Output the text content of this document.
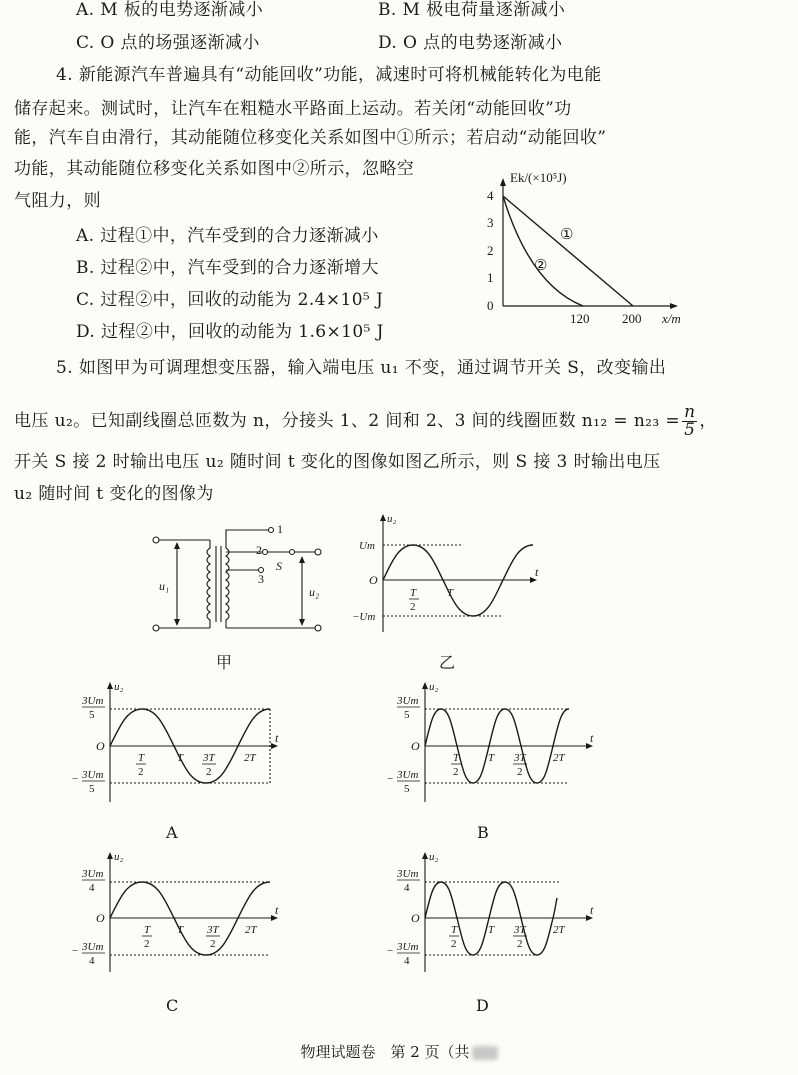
A. M 板的电势逐渐减小	B. M 极电荷量逐渐减小
C. O 点的场强逐渐减小	D. O 点的电势逐渐减小
4. 新能源汽车普遍具有“动能回收”功能，减速时可将机械能转化为电能
储存起来。测试时，让汽车在粗糙水平路面上运动。若关闭“动能回收”功
能，汽车自由滑行，其动能随位移变化关系如图中①所示；若启动“动能回收”
功能，其动能随位移变化关系如图中②所示，忽略空
气阻力，则
A. 过程①中，汽车受到的合力逐渐减小
B. 过程②中，汽车受到的合力逐渐增大
C. 过程②中，回收的动能为 2.4×10⁵ J
D. 过程②中，回收的动能为 1.6×10⁵ J
Ek/(×10⁵J)
x/m
4
3
2
1
0
120	200
①
②
5. 如图甲为可调理想变压器，输入端电压 u₁ 不变，通过调节开关 S，改变输出
电压 u₂。已知副线圈总匝数为 n，分接头 1、2 间和 2、3 间的线圈匝数 $n_{12} = n_{23} = \frac{n}{5}$ ，
开关 S 接 2 时输出电压 u₂ 随时间 t 变化的图像如图乙所示，则 S 接 3 时输出电压
u₂ 随时间 t 变化的图像为
u₁	u₂
1
2
3
S
甲
u₂
t
Um
−Um
O
T
2
T
乙
u₂
t
3Um
5
O
− 3Um
5
T
2
T 3T
2
2T
A
u₂
t
3Um
5
O
− 3Um
5
T
2
T 3T
2
2T
B
u₂
t
3Um
4
O
− 3Um
4
T
2
T 3T
2
2T
C
u₂
t
3Um
4
O
− 3Um
4
T
2
T 3T
2
2T
D
物理试题卷　第 2 页（共
